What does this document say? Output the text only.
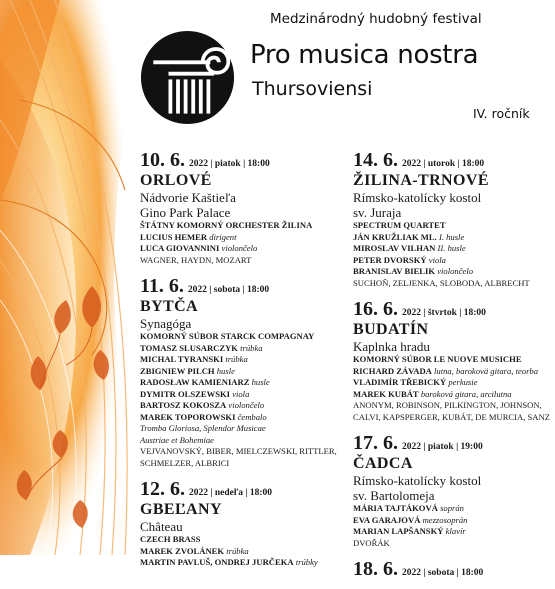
Medzinárodný hudobný festival
Pro musica nostra
Thursoviensi
IV. ročník
10. 6. 2022 | piatok | 18:00
ORLOVÉ
Nádvorie Kaštieľa
Gino Park Palace
ŠTÁTNY KOMORNÝ ORCHESTER ŽILINA
LUCIUS HEMER dirigent
LUCA GIOVANNINI violončelo
WAGNER, HAYDN, MOZART
11. 6. 2022 | sobota | 18:00
BYTČA
Synagóga
KOMORNÝ SÚBOR STARCK COMPAGNAY
TOMASZ SLUSARCZYK trúbka
MICHAL TYRANSKI trúbka
ZBIGNIEW PILCH husle
RADOSŁAW KAMIENIARZ husle
DYMITR OLSZEWSKI viola
BARTOSZ KOKOSZA violončelo
MAREK TOPOROWSKI čembalo
Tromba Gloriosa, Splendor Musicae
Austriae et Bohemiae
VEJVANOVSKÝ, BIBER, MIELCZEWSKI, RITTLER,
SCHMELZER, ALBRICI
12. 6. 2022 | nedeľa | 18:00
GBEĽANY
Château
CZECH BRASS
MAREK ZVOLÁNEK trúbka
MARTIN PAVLUŠ, ONDREJ JURČEKA trúbky
14. 6. 2022 | utorok | 18:00
ŽILINA-TRNOVÉ
Rímsko-katolícky kostol
sv. Juraja
SPECTRUM QUARTET
JÁN KRUŽLIAK ML. I. husle
MIROSLAV VILHAN II. husle
PETER DVORSKÝ viola
BRANISLAV BIELIK violončelo
SUCHOŇ, ZELJENKA, SLOBODA, ALBRECHT
16. 6. 2022 | štvrtok | 18:00
BUDATÍN
Kaplnka hradu
KOMORNÝ SÚBOR LE NUOVE MUSICHE
RICHARD ZÁVADA lutna, barokovä gitara, teorba
VLADIMÍR TŘEBICKÝ perkusie
MAREK KUBÁT baroková gitara, arcilutna
ANONYM, ROBINSON, PILKINGTON, JOHNSON,
CALVI, KAPSPERGER, KUBÁT, DE MURCIA, SANZ
17. 6. 2022 | piatok | 19:00
ČADCA
Rímsko-katolícky kostol
sv. Bartolomeja
MÁRIA TAJTÁKOVÁ soprán
EVA GARAJOVÁ mezzosoprán
MARIAN LAPŠANSKÝ klavír
DVOŘÁK
18. 6. 2022 | sobota | 18:00
